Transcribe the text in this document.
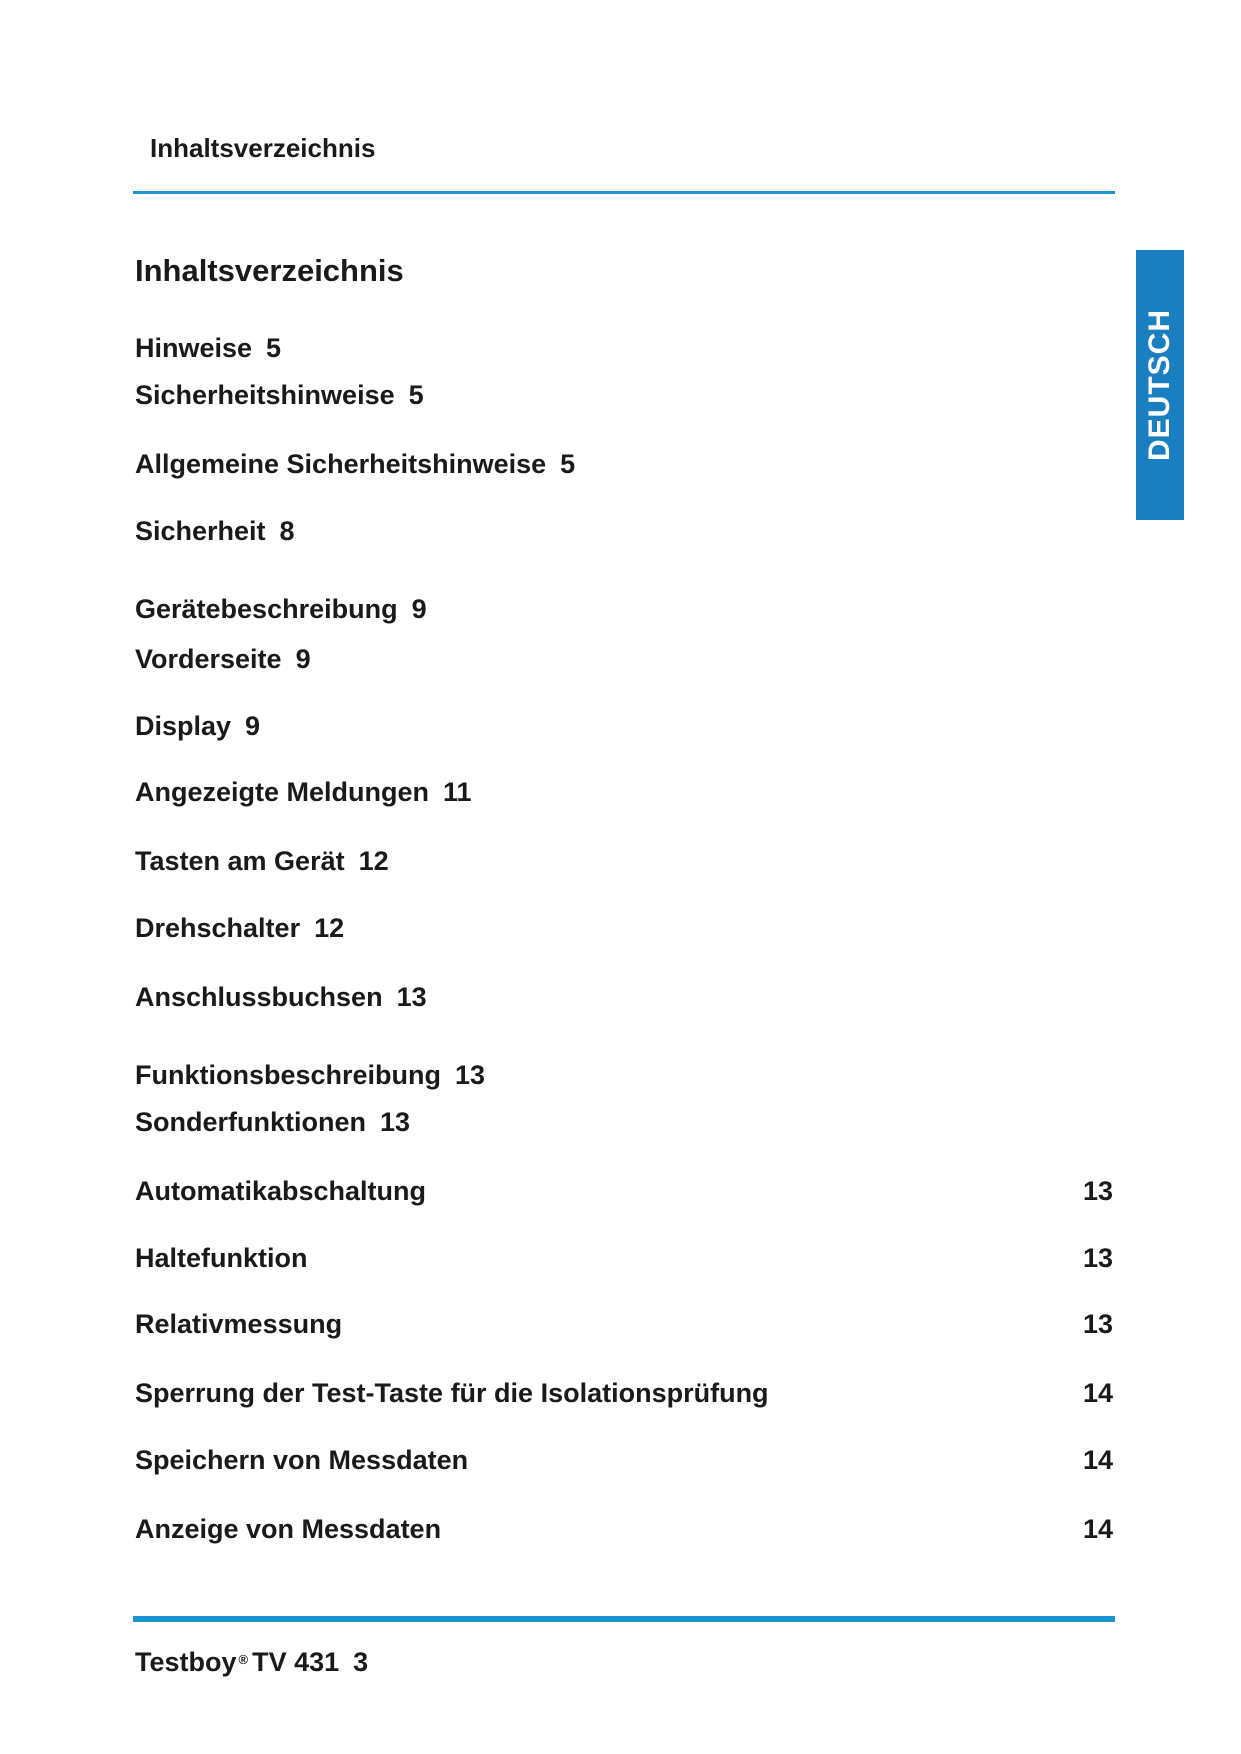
Inhaltsverzeichnis
DEUTSCH
Inhaltsverzeichnis
Hinweise 5
Sicherheitshinweise 5
Allgemeine Sicherheitshinweise 5
Sicherheit 8
Gerätebeschreibung 9
Vorderseite 9
Display 9
Angezeigte Meldungen 11
Tasten am Gerät 12
Drehschalter 12
Anschlussbuchsen 13
Funktionsbeschreibung 13
Sonderfunktionen 13
Automatikabschaltung	13
Haltefunktion	13
Relativmessung	13
Sperrung der Test-Taste für die Isolationsprüfung	14
Speichern von Messdaten	14
Anzeige von Messdaten	14
Testboy ® TV 431 3
